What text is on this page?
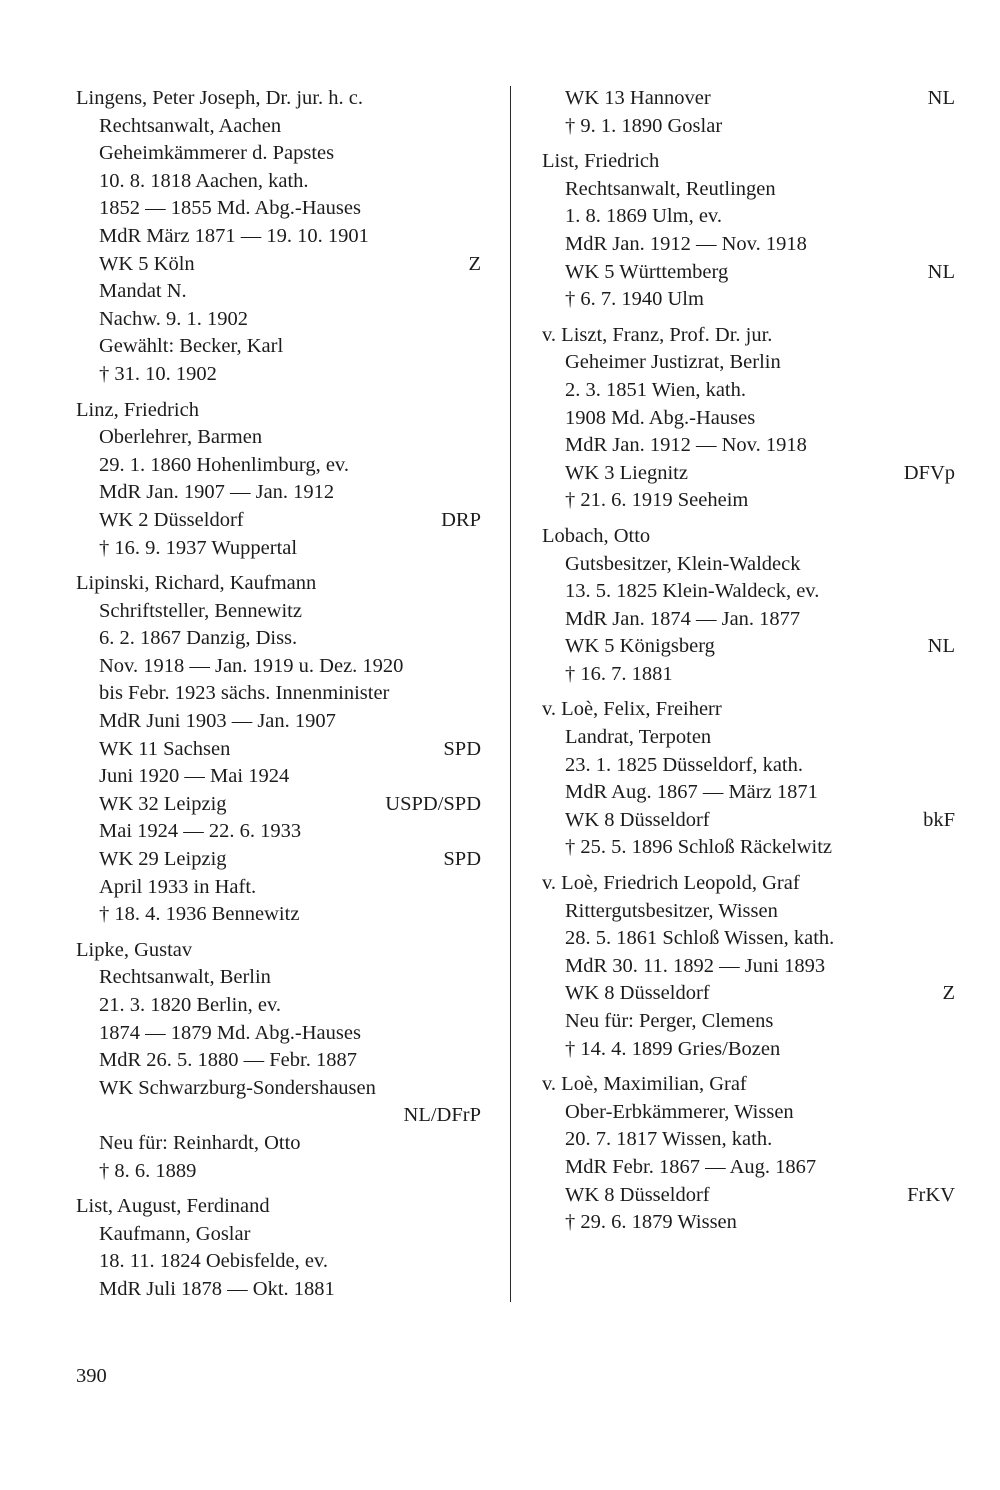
Lingens, Peter Joseph, Dr. jur. h. c.
Rechtsanwalt, Aachen
Geheimkämmerer d. Papstes
10. 8. 1818 Aachen, kath.
1852 — 1855 Md. Abg.-Hauses
MdR März 1871 — 19. 10. 1901
WK 5 Köln	Z
Mandat N.
Nachw. 9. 1. 1902
Gewählt: Becker, Karl
† 31. 10. 1902
Linz, Friedrich
Oberlehrer, Barmen
29. 1. 1860 Hohenlimburg, ev.
MdR Jan. 1907 — Jan. 1912
WK 2 Düsseldorf	DRP
† 16. 9. 1937 Wuppertal
Lipinski, Richard, Kaufmann
Schriftsteller, Bennewitz
6. 2. 1867 Danzig, Diss.
Nov. 1918 — Jan. 1919 u. Dez. 1920
bis Febr. 1923 sächs. Innenminister
MdR Juni 1903 — Jan. 1907
WK 11 Sachsen	SPD
Juni 1920 — Mai 1924
WK 32 Leipzig	USPD/SPD
Mai 1924 — 22. 6. 1933
WK 29 Leipzig	SPD
April 1933 in Haft.
† 18. 4. 1936 Bennewitz
Lipke, Gustav
Rechtsanwalt, Berlin
21. 3. 1820 Berlin, ev.
1874 — 1879 Md. Abg.-Hauses
MdR 26. 5. 1880 — Febr. 1887
WK Schwarzburg-Sondershausen
NL/DFrP
Neu für: Reinhardt, Otto
† 8. 6. 1889
List, August, Ferdinand
Kaufmann, Goslar
18. 11. 1824 Oebisfelde, ev.
MdR Juli 1878 — Okt. 1881
WK 13 Hannover	NL
† 9. 1. 1890 Goslar
List, Friedrich
Rechtsanwalt, Reutlingen
1. 8. 1869 Ulm, ev.
MdR Jan. 1912 — Nov. 1918
WK 5 Württemberg	NL
† 6. 7. 1940 Ulm
v. Liszt, Franz, Prof. Dr. jur.
Geheimer Justizrat, Berlin
2. 3. 1851 Wien, kath.
1908 Md. Abg.-Hauses
MdR Jan. 1912 — Nov. 1918
WK 3 Liegnitz	DFVp
† 21. 6. 1919 Seeheim
Lobach, Otto
Gutsbesitzer, Klein-Waldeck
13. 5. 1825 Klein-Waldeck, ev.
MdR Jan. 1874 — Jan. 1877
WK 5 Königsberg	NL
† 16. 7. 1881
v. Loè, Felix, Freiherr
Landrat, Terpoten
23. 1. 1825 Düsseldorf, kath.
MdR Aug. 1867 — März 1871
WK 8 Düsseldorf	bkF
† 25. 5. 1896 Schloß Räckelwitz
v. Loè, Friedrich Leopold, Graf
Rittergutsbesitzer, Wissen
28. 5. 1861 Schloß Wissen, kath.
MdR 30. 11. 1892 — Juni 1893
WK 8 Düsseldorf	Z
Neu für: Perger, Clemens
† 14. 4. 1899 Gries/Bozen
v. Loè, Maximilian, Graf
Ober-Erbkämmerer, Wissen
20. 7. 1817 Wissen, kath.
MdR Febr. 1867 — Aug. 1867
WK 8 Düsseldorf	FrKV
† 29. 6. 1879 Wissen
390
